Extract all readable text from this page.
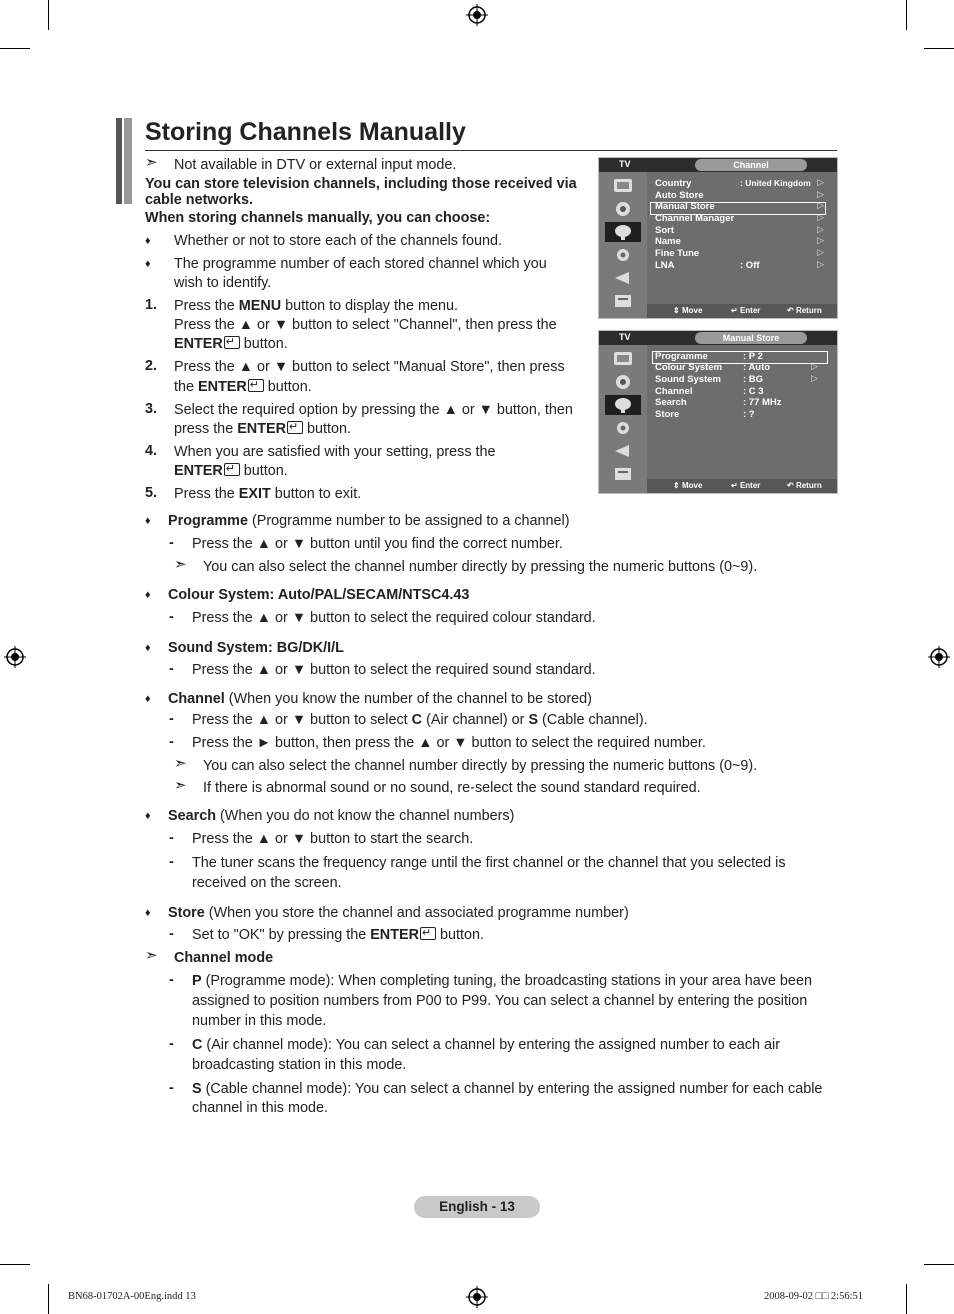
Storing Channels Manually
➣ Not available in DTV or external input mode.
You can store television channels, including those received via
cable networks.
When storing channels manually, you can choose:
♦ Whether or not to store each of the channels found.
♦ The programme number of each stored channel which you
wish to identify.
1. Press the MENU button to display the menu.
Press the ▲ or ▼ button to select "Channel", then press the
ENTER↵ button.
2. Press the ▲ or ▼ button to select "Manual Store", then press
the ENTER↵ button.
3. Select the required option by pressing the ▲ or ▼ button, then
press the ENTER↵ button.
4. When you are satisfied with your setting, press the
ENTER↵ button.
5. Press the EXIT button to exit.
TV	Channel
Country	: United Kingdom ▷
Auto Store	▷
Manual Store	▷
Channel Manager	▷
Sort	▷
Name	▷
Fine Tune	▷
LNA	: Off	▷
⇕ Move	↵ Enter	↶ Return
TV	Manual Store
Programme	: P 2
Colour System : Auto	▷
Sound System : BG	▷
Channel	: C 3
Search	: 77 MHz
Store	: ?
⇕ Move	↵ Enter	↶ Return
♦ Programme (Programme number to be assigned to a channel)
- Press the ▲ or ▼ button until you find the correct number.
➣ You can also select the channel number directly by pressing the numeric buttons (0~9).
♦ Colour System: Auto/PAL/SECAM/NTSC4.43
- Press the ▲ or ▼ button to select the required colour standard.
♦ Sound System: BG/DK/I/L
- Press the ▲ or ▼ button to select the required sound standard.
♦ Channel (When you know the number of the channel to be stored)
- Press the ▲ or ▼ button to select C (Air channel) or S (Cable channel).
- Press the ► button, then press the ▲ or ▼ button to select the required number.
➣ You can also select the channel number directly by pressing the numeric buttons (0~9).
➣ If there is abnormal sound or no sound, re-select the sound standard required.
♦ Search (When you do not know the channel numbers)
- Press the ▲ or ▼ button to start the search.
- The tuner scans the frequency range until the first channel or the channel that you selected is
received on the screen.
♦ Store (When you store the channel and associated programme number)
- Set to "OK" by pressing the ENTER↵ button.
➣ Channel mode
- P (Programme mode): When completing tuning, the broadcasting stations in your area have been
assigned to position numbers from P00 to P99. You can select a channel by entering the position
number in this mode.
- C (Air channel mode): You can select a channel by entering the assigned number to each air
broadcasting station in this mode.
- S (Cable channel mode): You can select a channel by entering the assigned number for each cable
channel in this mode.
English - 13
BN68-01702A-00Eng.indd 13	2008-09-02 □□ 2:56:51
